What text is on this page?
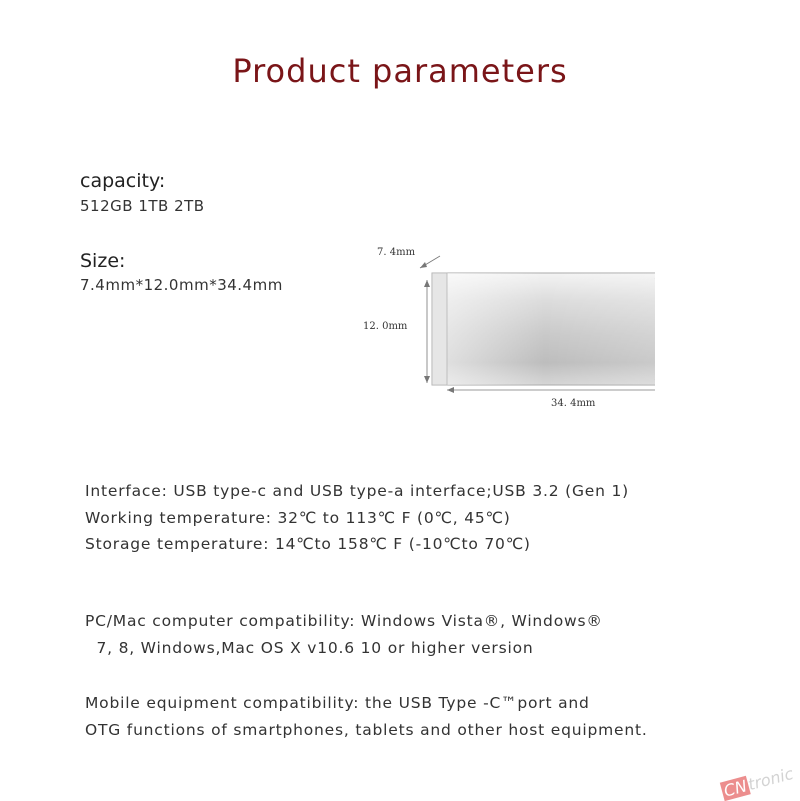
Product parameters
capacity:
512GB 1TB 2TB
Size:
7.4mm*12.0mm*34.4mm
7. 4mm
12. 0mm
34. 4mm
Interface: USB type-c and USB type-a interface;USB 3.2 (Gen 1)
Working temperature: 32℃ to 113℃ F (0℃, 45℃)
Storage temperature: 14℃to 158℃ F (-10℃to 70℃)
PC/Mac computer compatibility: Windows Vista®, Windows®
7, 8, Windows,Mac OS X v10.6 10 or higher version
Mobile equipment compatibility: the USB Type -C™port and
OTG functions of smartphones, tablets and other host equipment.
CNtronic
